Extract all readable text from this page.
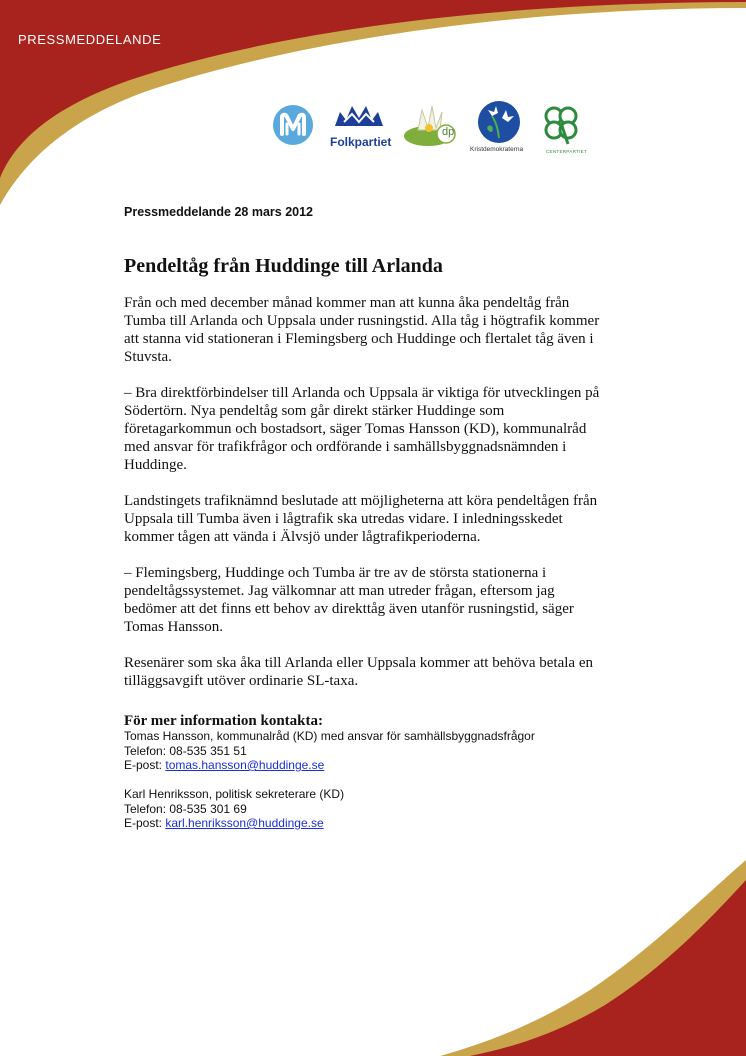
PRESSMEDDELANDE
Folkpartiet
dp
Kristdemokraterna	CENTERPARTIET
Pressmeddelande 28 mars 2012
Pendeltåg från Huddinge till Arlanda

Från och med december månad kommer man att kunna åka pendeltåg från Tumba till Arlanda och Uppsala under rusningstid. Alla tåg i högtrafik kommer att stanna vid stationeran i Flemingsberg och Huddinge och flertalet tåg även i Stuvsta.

– Bra direktförbindelser till Arlanda och Uppsala är viktiga för utvecklingen på Södertörn. Nya pendeltåg som går direkt stärker Huddinge som företagarkommun och bostadsort, säger Tomas Hansson (KD), kommunalråd med ansvar för trafikfrågor och ordförande i samhällsbyggnadsnämnden i Huddinge.

Landstingets trafiknämnd beslutade att möjligheterna att köra pendeltågen från Uppsala till Tumba även i lågtrafik ska utredas vidare. I inledningsskedet kommer tågen att vända i Älvsjö under lågtrafikperioderna.

– Flemingsberg, Huddinge och Tumba är tre av de största stationerna i pendeltågssystemet. Jag välkomnar att man utreder frågan, eftersom jag bedömer att det finns ett behov av direkttåg även utanför rusningstid, säger Tomas Hansson.

Resenärer som ska åka till Arlanda eller Uppsala kommer att behöva betala en tilläggsavgift utöver ordinarie SL-taxa.

För mer information kontakta:
Tomas Hansson, kommunalråd (KD) med ansvar för samhällsbyggnadsfrågor
Telefon: 08-535 351 51
E-post: tomas.hansson@huddinge.se
Karl Henriksson, politisk sekreterare (KD)
Telefon: 08-535 301 69
E-post: karl.henriksson@huddinge.se
